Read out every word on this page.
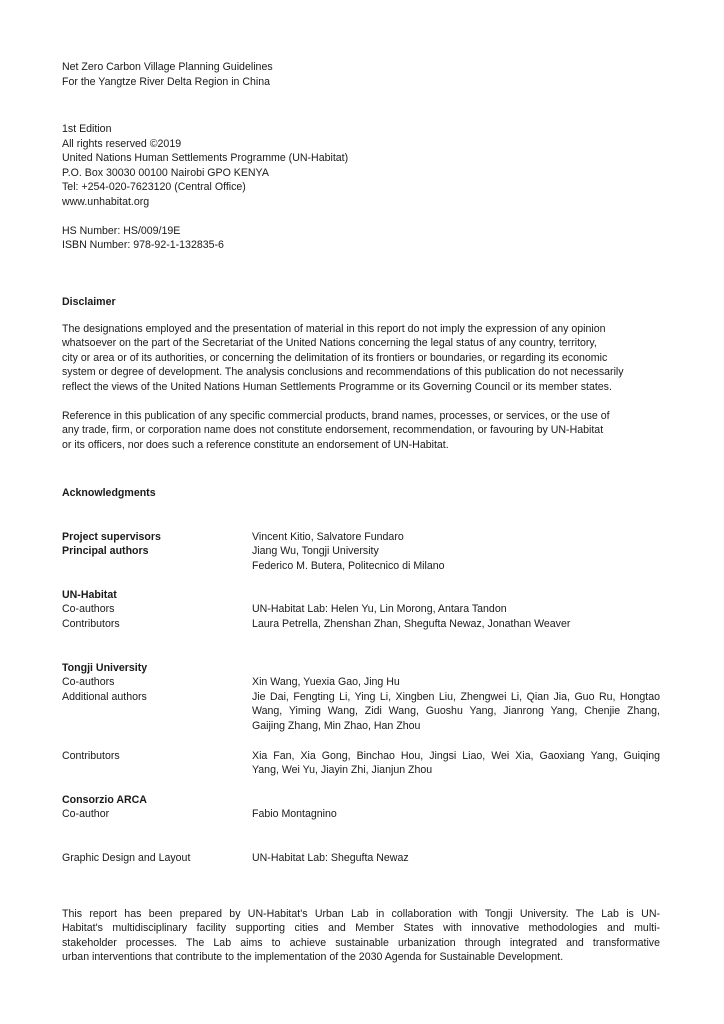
Net Zero Carbon Village Planning Guidelines
For the Yangtze River Delta Region in China
1st Edition
All rights reserved ©2019
United Nations Human Settlements Programme (UN-Habitat)
P.O. Box 30030 00100 Nairobi GPO KENYA
Tel: +254-020-7623120 (Central Office)
www.unhabitat.org
HS Number: HS/009/19E
ISBN Number: 978-92-1-132835-6
Disclaimer
The designations employed and the presentation of material in this report do not imply the expression of any opinion
whatsoever on the part of the Secretariat of the United Nations concerning the legal status of any country, territory,
city or area or of its authorities, or concerning the delimitation of its frontiers or boundaries, or regarding its economic
system or degree of development. The analysis conclusions and recommendations of this publication do not necessarily
reflect the views of the United Nations Human Settlements Programme or its Governing Council or its member states.
Reference in this publication of any specific commercial products, brand names, processes, or services, or the use of
any trade, firm, or corporation name does not constitute endorsement, recommendation, or favouring by UN-Habitat
or its officers, nor does such a reference constitute an endorsement of UN-Habitat.
Acknowledgments
Project supervisors	Vincent Kitio, Salvatore Fundaro
Principal authors	Jiang Wu, Tongji University
Federico M. Butera, Politecnico di Milano
UN-Habitat
Co-authors	UN-Habitat Lab: Helen Yu, Lin Morong, Antara Tandon
Contributors	Laura Petrella, Zhenshan Zhan, Shegufta Newaz, Jonathan Weaver
Tongji University
Co-authors	Xin Wang, Yuexia Gao, Jing Hu
Additional authors	Jie Dai, Fengting Li, Ying Li, Xingben Liu, Zhengwei Li, Qian Jia, Guo Ru, Hongtao
Wang, Yiming Wang, Zidi Wang, Guoshu Yang, Jianrong Yang, Chenjie Zhang,
Gaijing Zhang, Min Zhao, Han Zhou
Contributors	Xia Fan, Xia Gong, Binchao Hou, Jingsi Liao, Wei Xia, Gaoxiang Yang, Guiqing
Yang, Wei Yu, Jiayin Zhi, Jianjun Zhou
Consorzio ARCA
Co-author	Fabio Montagnino
Graphic Design and Layout	UN-Habitat Lab: Shegufta Newaz
This report has been prepared by UN-Habitat's Urban Lab in collaboration with Tongji University. The Lab is UN-
Habitat's multidisciplinary facility supporting cities and Member States with innovative methodologies and multi-
stakeholder processes. The Lab aims to achieve sustainable urbanization through integrated and transformative
urban interventions that contribute to the implementation of the 2030 Agenda for Sustainable Development.
